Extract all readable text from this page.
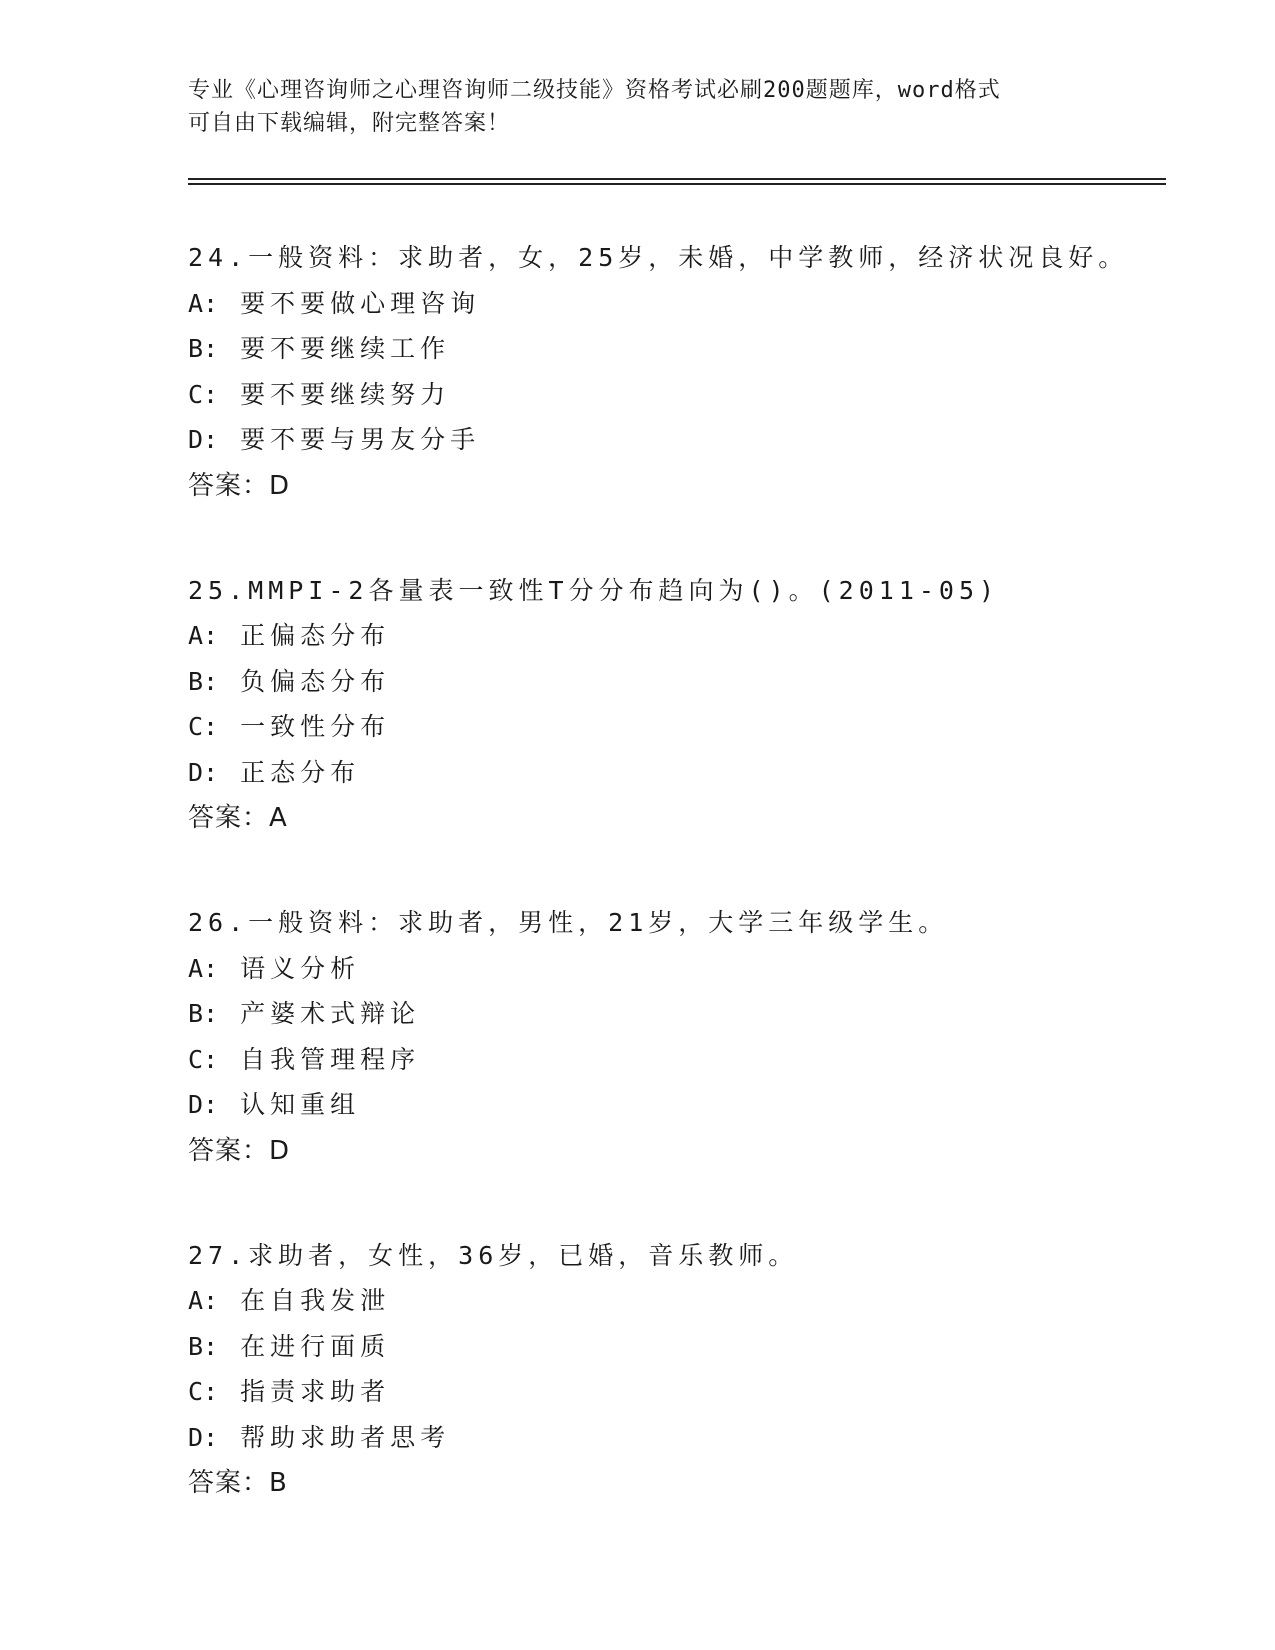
专业《心理咨询师之心理咨询师二级技能》资格考试必刷200题题库，word格式
可自由下载编辑，附完整答案！
24.一般资料：求助者，女，25岁，未婚，中学教师，经济状况良好。
A: 要不要做心理咨询
B: 要不要继续工作
C: 要不要继续努力
D: 要不要与男友分手
答案：D
25.MMPI-2各量表一致性T分分布趋向为()。(2011-05)
A: 正偏态分布
B: 负偏态分布
C: 一致性分布
D: 正态分布
答案：A
26.一般资料：求助者，男性，21岁，大学三年级学生。
A: 语义分析
B: 产婆术式辩论
C: 自我管理程序
D: 认知重组
答案：D
27.求助者，女性，36岁，已婚，音乐教师。
A: 在自我发泄
B: 在进行面质
C: 指责求助者
D: 帮助求助者思考
答案：B
